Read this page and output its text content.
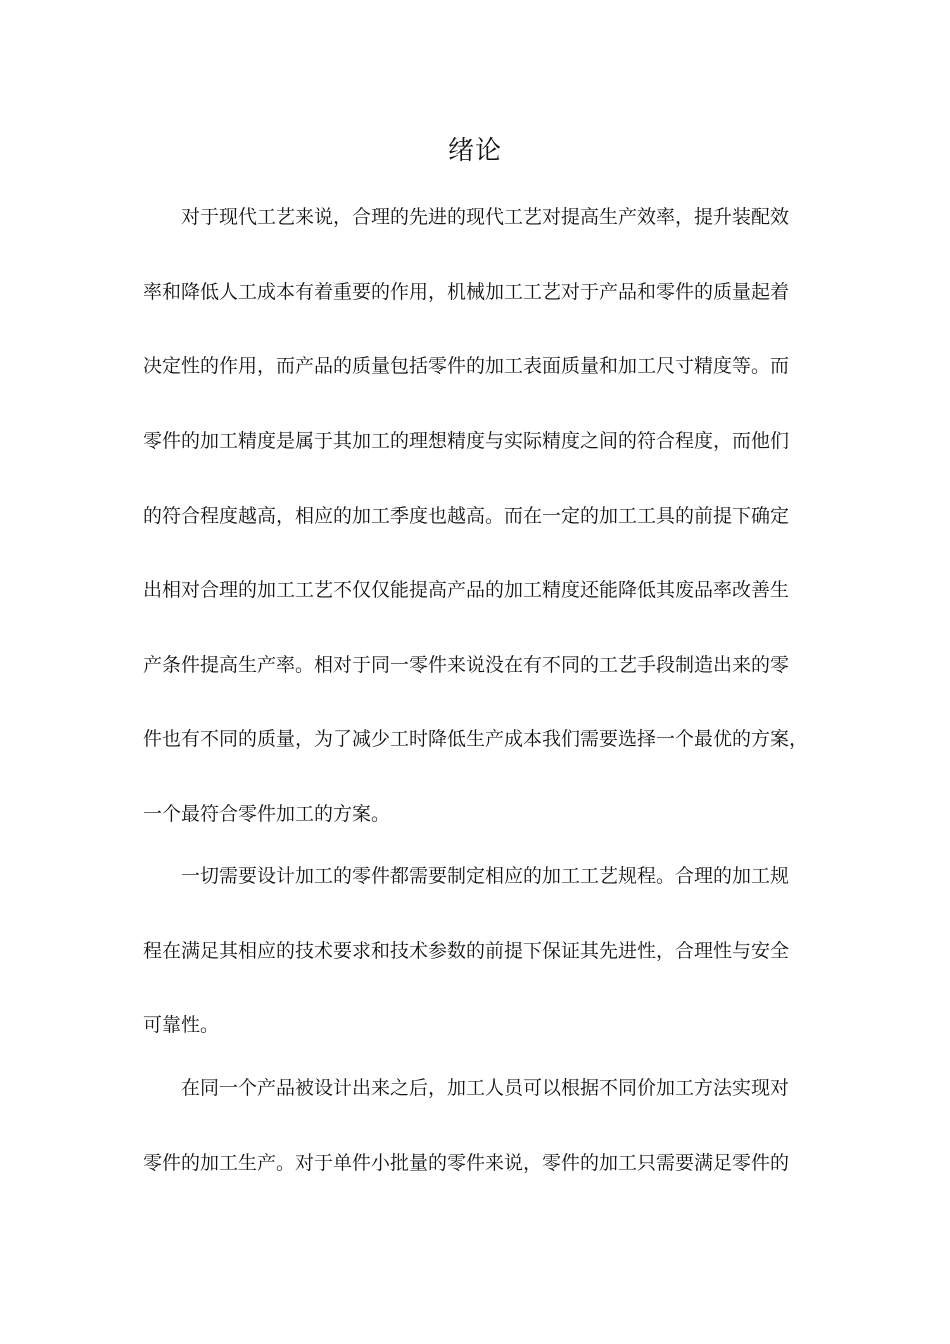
绪论

对于现代工艺来说，合理的先进的现代工艺对提高生产效率，提升装配效

率和降低人工成本有着重要的作用，机械加工工艺对于产品和零件的质量起着

决定性的作用，而产品的质量包括零件的加工表面质量和加工尺寸精度等。而

零件的加工精度是属于其加工的理想精度与实际精度之间的符合程度，而他们

的符合程度越高，相应的加工季度也越高。而在一定的加工工具的前提下确定

出相对合理的加工工艺不仅仅能提高产品的加工精度还能降低其废品率改善生

产条件提高生产率。相对于同一零件来说没在有不同的工艺手段制造出来的零

件也有不同的质量，为了减少工时降低生产成本我们需要选择一个最优的方案，

一个最符合零件加工的方案。

一切需要设计加工的零件都需要制定相应的加工工艺规程。合理的加工规

程在满足其相应的技术要求和技术参数的前提下保证其先进性，合理性与安全

可靠性。

在同一个产品被设计出来之后，加工人员可以根据不同价加工方法实现对

零件的加工生产。对于单件小批量的零件来说，零件的加工只需要满足零件的
